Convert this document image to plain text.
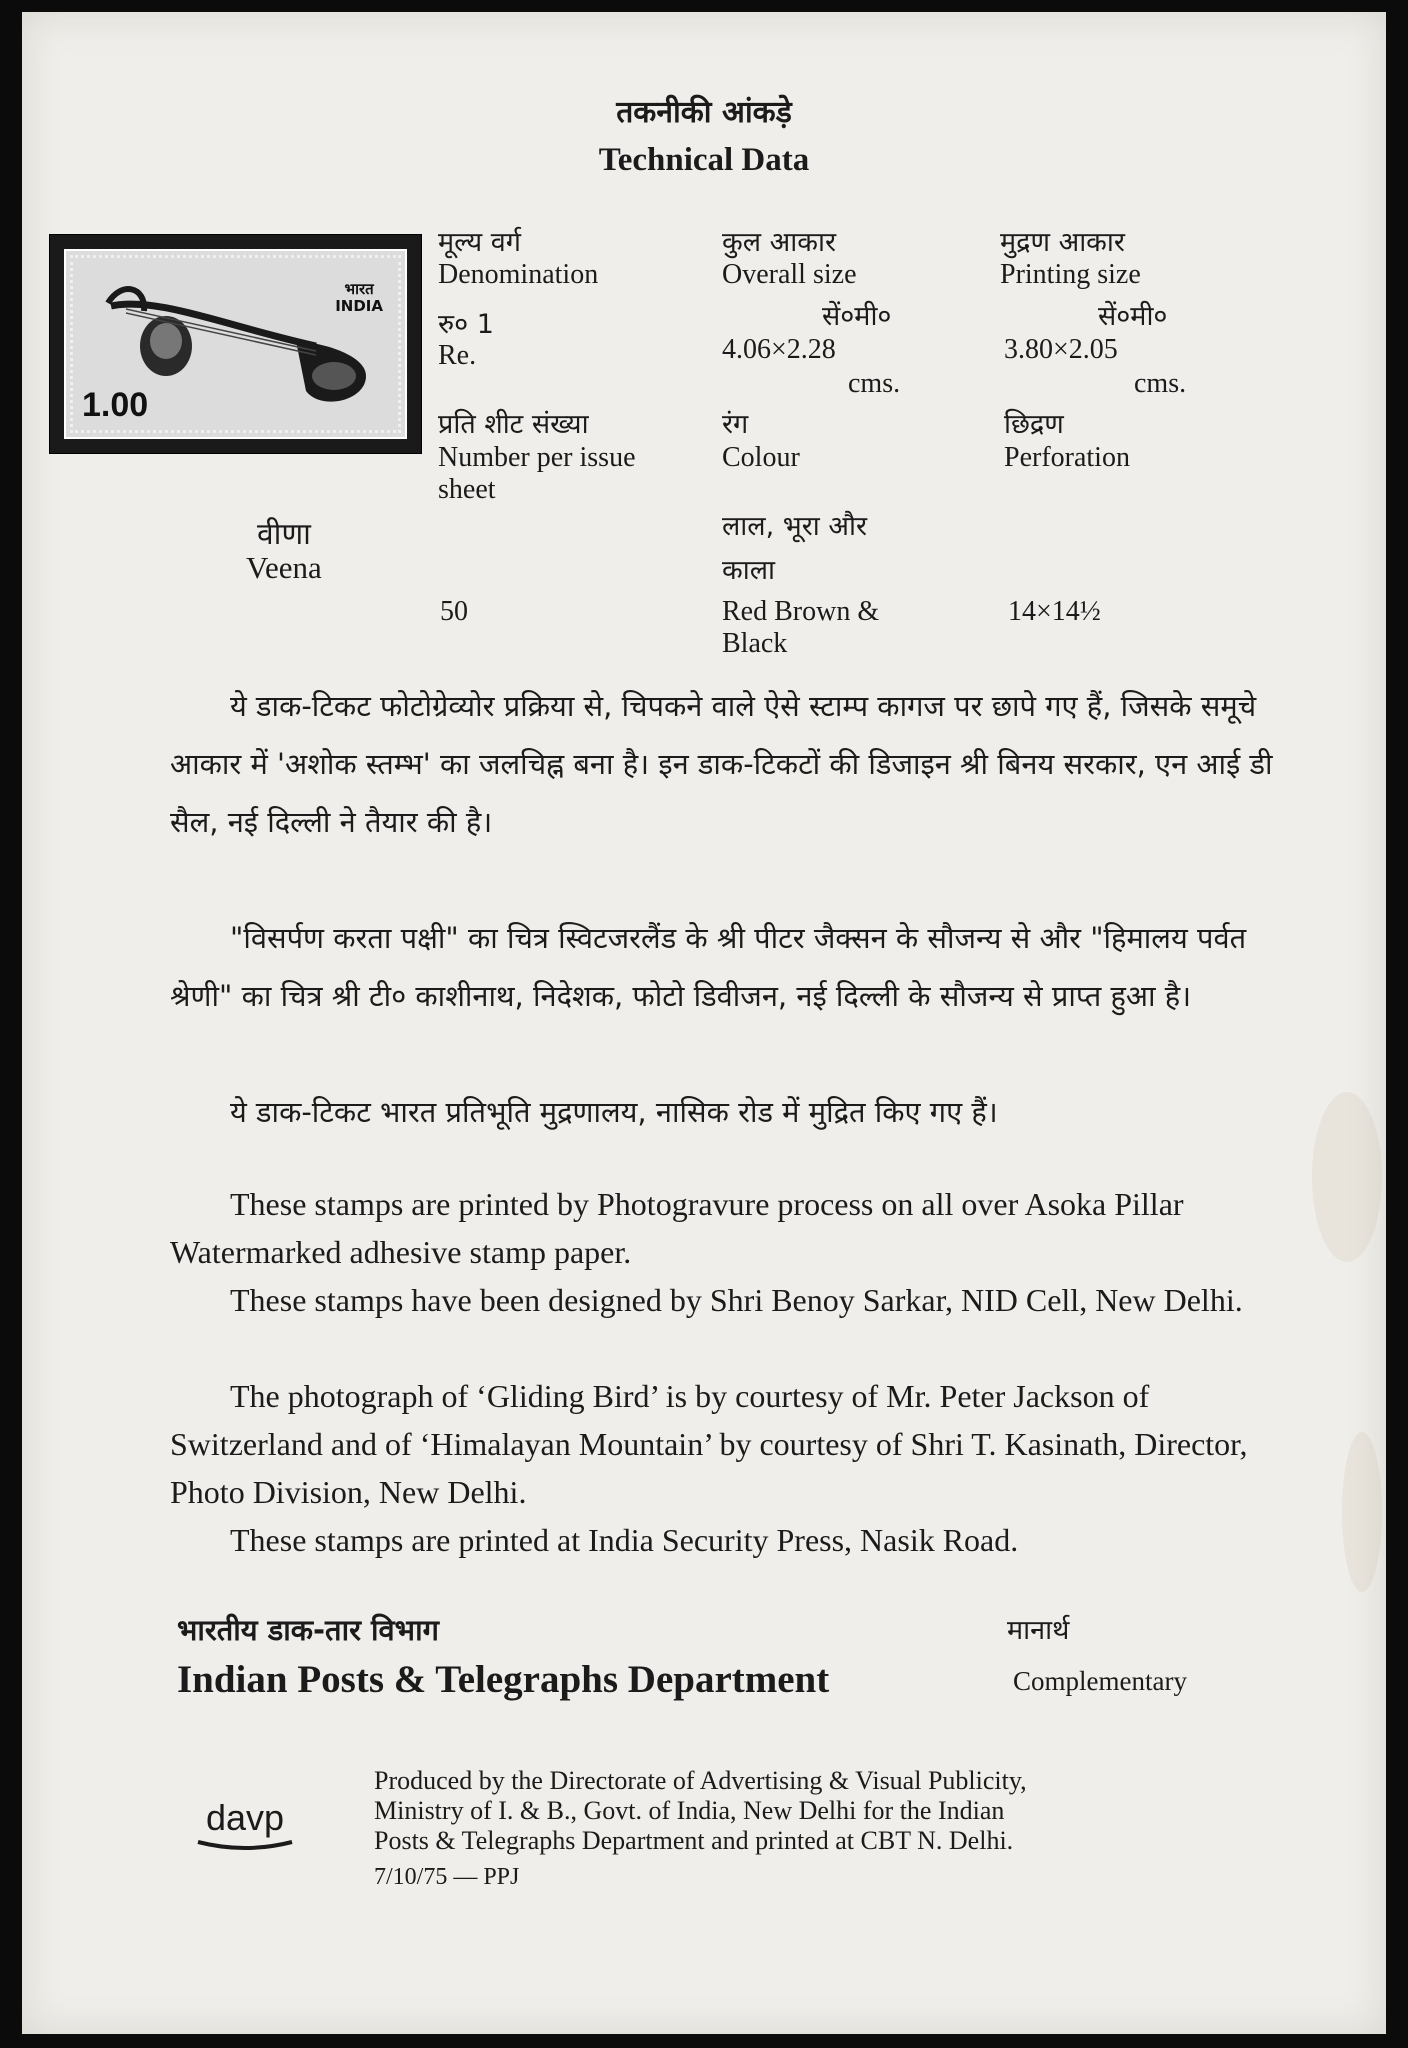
तकनीकी आंकड़े
Technical Data
भारत
INDIA
1.00
वीणा
Veena
मूल्य वर्ग
Denomination
रु० 1
Re.
प्रति शीट संख्या
Number per issue
sheet
50
कुल आकार
Overall size
सें०मी०
4.06×2.28
cms.
रंग
Colour
लाल, भूरा और
काला
Red Brown &
Black
मुद्रण आकार
Printing size
सें०मी०
3.80×2.05
cms.
छिद्रण
Perforation
14×14½
ये डाक-टिकट फोटोग्रेव्योर प्रक्रिया से, चिपकने वाले ऐसे स्टाम्प कागज पर छापे गए हैं, जिसके समूचे आकार में 'अशोक स्तम्भ' का जलचिह्न बना है। इन डाक-टिकटों की डिजाइन श्री बिनय सरकार, एन आई डी सैल, नई दिल्ली ने तैयार की है।
"विसर्पण करता पक्षी" का चित्र स्विटजरलैंड के श्री पीटर जैक्सन के सौजन्य से और "हिमालय पर्वत श्रेणी" का चित्र श्री टी० काशीनाथ, निदेशक, फोटो डिवीजन, नई दिल्ली के सौजन्य से प्राप्त हुआ है।
ये डाक-टिकट भारत प्रतिभूति मुद्रणालय, नासिक रोड में मुद्रित किए गए हैं।
These stamps are printed by Photogravure process on all over Asoka Pillar Watermarked adhesive stamp paper.
These stamps have been designed by Shri Benoy Sarkar, NID Cell, New Delhi.
The photograph of ‘Gliding Bird’ is by courtesy of Mr. Peter Jackson of Switzerland and of ‘Himalayan Mountain’ by courtesy of Shri T. Kasinath, Director, Photo Division, New Delhi.
These stamps are printed at India Security Press, Nasik Road.
भारतीय डाक-तार विभाग
Indian Posts & Telegraphs Department
मानार्थ
Complementary
davp
Produced by the Directorate of Advertising & Visual Publicity,
Ministry of I. & B., Govt. of India, New Delhi for the Indian
Posts & Telegraphs Department and printed at CBT N. Delhi.
7/10/75 — PPJ
